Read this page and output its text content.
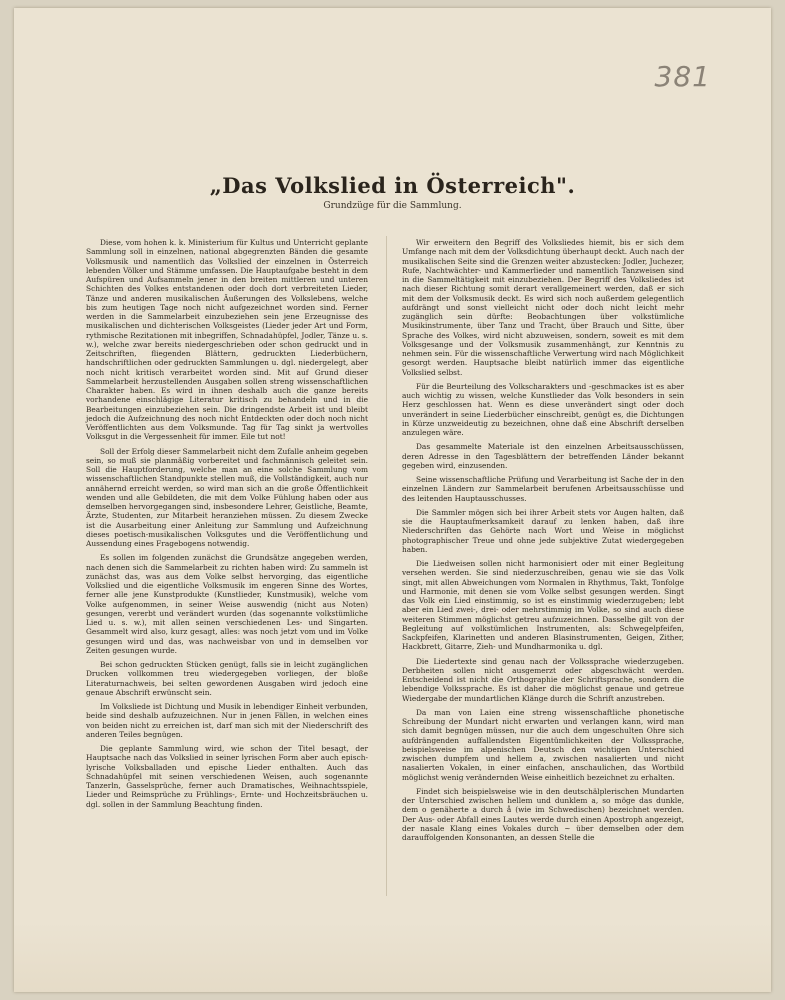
381
„Das Volkslied in Österreich".
Grundzüge für die Sammlung.

Diese, vom hohen k. k. Ministerium für Kultus und Unterricht geplante Sammlung soll in einzelnen, national abgegrenzten Bänden die gesamte Volksmusik und namentlich das Volkslied der einzelnen in Österreich lebenden Völker und Stämme umfassen. Die Hauptaufgabe besteht in dem Aufspüren und Aufsammeln jener in den breiten mittleren und unteren Schichten des Volkes entstandenen oder doch dort verbreiteten Lieder, Tänze und anderen musikalischen Äußerungen des Volkslebens, welche bis zum heutigen Tage noch nicht aufgezeichnet worden sind. Ferner werden in die Sammelarbeit einzubeziehen sein jene Erzeugnisse des musikalischen und dichterischen Volksgeistes (Lieder jeder Art und Form, rythmische Rezitationen mit inbegriffen, Schnadahüpfel, Jodler, Tänze u. s. w.), welche zwar bereits niedergeschrieben oder schon gedruckt und in Zeitschriften, fliegenden Blättern, gedruckten Liederbüchern, handschriftlichen oder gedruckten Sammlungen u. dgl. niedergelegt, aber noch nicht kritisch verarbeitet worden sind. Mit auf Grund dieser Sammelarbeit herzustellenden Ausgaben sollen streng wissenschaftlichen Charakter haben. Es wird in ihnen deshalb auch die ganze bereits vorhandene einschlägige Literatur kritisch zu behandeln und in die Bearbeitungen einzubeziehen sein. Die dringendste Arbeit ist und bleibt jedoch die Aufzeichnung des noch nicht Entdeckten oder doch noch nicht Veröffentlichten aus dem Volksmunde. Tag für Tag sinkt ja wertvolles Volksgut in die Vergessenheit für immer. Eile tut not!

Soll der Erfolg dieser Sammelarbeit nicht dem Zufalle anheim gegeben sein, so muß sie planmäßig vorbereitet und fachmännisch geleitet sein. Soll die Hauptforderung, welche man an eine solche Sammlung vom wissenschaftlichen Standpunkte stellen muß, die Vollständigkeit, auch nur annähernd erreicht werden, so wird man sich an die große Öffentlichkeit wenden und alle Gebildeten, die mit dem Volke Fühlung haben oder aus demselben hervorgegangen sind, insbesondere Lehrer, Geistliche, Beamte, Ärzte, Studenten, zur Mitarbeit heranziehen müssen. Zu diesem Zwecke ist die Ausarbeitung einer Anleitung zur Sammlung und Aufzeichnung dieses poetisch-musikalischen Volksgutes und die Veröffentlichung und Aussendung eines Fragebogens notwendig.

Es sollen im folgenden zunächst die Grundsätze angegeben werden, nach denen sich die Sammelarbeit zu richten haben wird: Zu sammeln ist zunächst das, was aus dem Volke selbst hervorging, das eigentliche Volkslied und die eigentliche Volksmusik im engeren Sinne des Wortes, ferner alle jene Kunstprodukte (Kunstlieder, Kunstmusik), welche vom Volke aufgenommen, in seiner Weise auswendig (nicht aus Noten) gesungen, vererbt und verändert wurden (das sogenannte volkstümliche Lied u. s. w.), mit allen seinen verschiedenen Les- und Singarten. Gesammelt wird also, kurz gesagt, alles: was noch jetzt vom und im Volke gesungen wird und das, was nachweisbar von und in demselben vor Zeiten gesungen wurde.

Bei schon gedruckten Stücken genügt, falls sie in leicht zugänglichen Drucken vollkommen treu wiedergegeben vorliegen, der bloße Literaturnachweis, bei selten gewordenen Ausgaben wird jedoch eine genaue Abschrift erwünscht sein.

Im Volksliede ist Dichtung und Musik in lebendiger Einheit verbunden, beide sind deshalb aufzuzeichnen. Nur in jenen Fällen, in welchen eines von beiden nicht zu erreichen ist, darf man sich mit der Niederschrift des anderen Teiles begnügen.

Die geplante Sammlung wird, wie schon der Titel besagt, der Hauptsache nach das Volkslied in seiner lyrischen Form aber auch episch-lyrische Volksballaden und epische Lieder enthalten. Auch das Schnadahüpfel mit seinen verschiedenen Weisen, auch sogenannte Tanzerln, Gasselsprüche, ferner auch Dramatisches, Weihnachtsspiele, Lieder und Reimsprüche zu Frühlings-, Ernte- und Hochzeitsbräuchen u. dgl. sollen in der Sammlung Beachtung finden.

Wir erweitern den Begriff des Volksliedes hiemit, bis er sich dem Umfange nach mit dem der Volksdichtung überhaupt deckt. Auch nach der musikalischen Seite sind die Grenzen weiter abzustecken: Jodler, Juchezer, Rufe, Nachtwächter- und Kammerlieder und namentlich Tanzweisen sind in die Sammeltätigkeit mit einzubeziehen. Der Begriff des Volksliedes ist nach dieser Richtung somit derart verallgemeinert werden, daß er sich mit dem der Volksmusik deckt. Es wird sich noch außerdem gelegentlich aufdrängt und sonst vielleicht nicht oder doch nicht leicht mehr zugänglich sein dürfte: Beobachtungen über volkstümliche Musikinstrumente, über Tanz und Tracht, über Brauch und Sitte, über Sprache des Volkes, wird nicht abzuweisen, sondern, soweit es mit dem Volksgesange und der Volksmusik zusammenhängt, zur Kenntnis zu nehmen sein. Für die wissenschaftliche Verwertung wird nach Möglichkeit gesorgt werden. Hauptsache bleibt natürlich immer das eigentliche Volkslied selbst.

Für die Beurteilung des Volkscharakters und -geschmackes ist es aber auch wichtig zu wissen, welche Kunstlieder das Volk besonders in sein Herz geschlossen hat. Wenn es diese unverändert singt oder doch unverändert in seine Liederbücher einschreibt, genügt es, die Dichtungen in Kürze unzweideutig zu bezeichnen, ohne daß eine Abschrift derselben anzulegen wäre.

Das gesammelte Materiale ist den einzelnen Arbeitsausschüssen, deren Adresse in den Tagesblättern der betreffenden Länder bekannt gegeben wird, einzusenden.

Seine wissenschaftliche Prüfung und Verarbeitung ist Sache der in den einzelnen Ländern zur Sammelarbeit berufenen Arbeitsausschüsse und des leitenden Hauptausschusses.

Die Sammler mögen sich bei ihrer Arbeit stets vor Augen halten, daß sie die Hauptaufmerksamkeit darauf zu lenken haben, daß ihre Niederschriften das Gehörte nach Wort und Weise in möglichst photographischer Treue und ohne jede subjektive Zutat wiedergegeben haben.

Die Liedweisen sollen nicht harmonisiert oder mit einer Begleitung versehen werden. Sie sind niederzuschreiben, genau wie sie das Volk singt, mit allen Abweichungen vom Normalen in Rhythmus, Takt, Tonfolge und Harmonie, mit denen sie vom Volke selbst gesungen werden. Singt das Volk ein Lied einstimmig, so ist es einstimmig wiederzugeben; lebt aber ein Lied zwei-, drei- oder mehrstimmig im Volke, so sind auch diese weiteren Stimmen möglichst getreu aufzuzeichnen. Dasselbe gilt von der Begleitung auf volkstümlichen Instrumenten, als: Schwegelpfeifen, Sackpfeifen, Klarinetten und anderen Blasinstrumenten, Geigen, Zither, Hackbrett, Gitarre, Zieh- und Mundharmonika u. dgl.

Die Liedertexte sind genau nach der Volkssprache wiederzugeben. Derbheiten sollen nicht ausgemerzt oder abgeschwächt werden. Entscheidend ist nicht die Orthographie der Schriftsprache, sondern die lebendige Volkssprache. Es ist daher die möglichst genaue und getreue Wiedergabe der mundartlichen Klänge durch die Schrift anzustreben.

Da man von Laien eine streng wissenschaftliche phonetische Schreibung der Mundart nicht erwarten und verlangen kann, wird man sich damit begnügen müssen, nur die auch dem ungeschulten Ohre sich aufdrängenden auffallendsten Eigentümlichkeiten der Volkssprache, beispielsweise im alpenischen Deutsch den wichtigen Unterschied zwischen dumpfem und hellem a, zwischen nasalierten und nicht nasalierten Vokalen, in einer einfachen, anschaulichen, das Wortbild möglichst wenig verändernden Weise einheitlich bezeichnet zu erhalten.

Findet sich beispielsweise wie in den deutschälplerischen Mundarten der Unterschied zwischen hellem und dunklem a, so möge das dunkle, dem o genäherte a durch å (wie im Schwedischen) bezeichnet werden. Der Aus- oder Abfall eines Lautes werde durch einen Apostroph angezeigt, der nasale Klang eines Vokales durch ~ über demselben oder dem darauffolgenden Konsonanten, an dessen Stelle die
